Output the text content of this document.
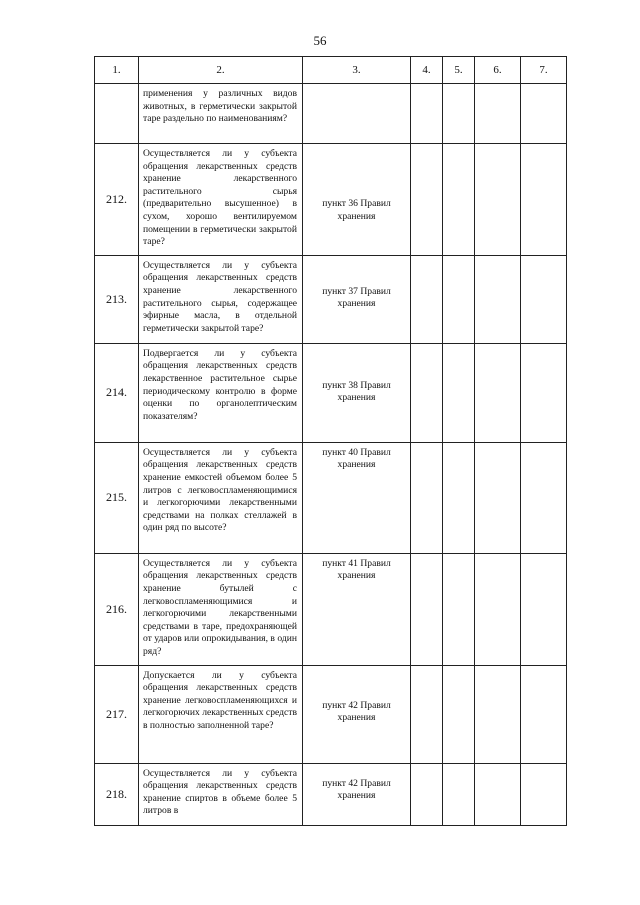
56
1.	2.	3.	4.	5.	6.	7.
	применения у различных видов животных, в герметически закрытой таре раздельно по наименованиям?					
212.	Осуществляется ли у субъекта обращения лекарственных средств хранение лекарственного растительного сырья (предварительно высушенное) в сухом, хорошо вентилируемом помещении в герметически закрытой таре?	пункт 36 Правил хранения				
213.	Осуществляется ли у субъекта обращения лекарственных средств хранение лекарственного растительного сырья, содержащее эфирные масла, в отдельной герметически закрытой таре?	пункт 37 Правил хранения				
214.	Подвергается ли у субъекта обращения лекарственных средств лекарственное растительное сырье периодическому контролю в форме оценки по органолептическим показателям?	пункт 38 Правил хранения				
215.	Осуществляется ли у субъекта обращения лекарственных средств хранение емкостей объемом более 5 литров с легковоспламеняющимися и легкогорючими лекарственными средствами на полках стеллажей в один ряд по высоте?	пункт 40 Правил хранения				
216.	Осуществляется ли у субъекта обращения лекарственных средств хранение бутылей с легковоспламеняющимися и легкогорючими лекарственными средствами в таре, предохраняющей от ударов или опрокидывания, в один ряд?	пункт 41 Правил хранения				
217.	Допускается ли у субъекта обращения лекарственных средств хранение легковоспламеняющихся и легкогорючих лекарственных средств в полностью заполненной таре?	пункт 42 Правил хранения				
218.	Осуществляется ли у субъекта обращения лекарственных средств хранение спиртов в объеме более 5 литров в	пункт 42 Правил хранения				
